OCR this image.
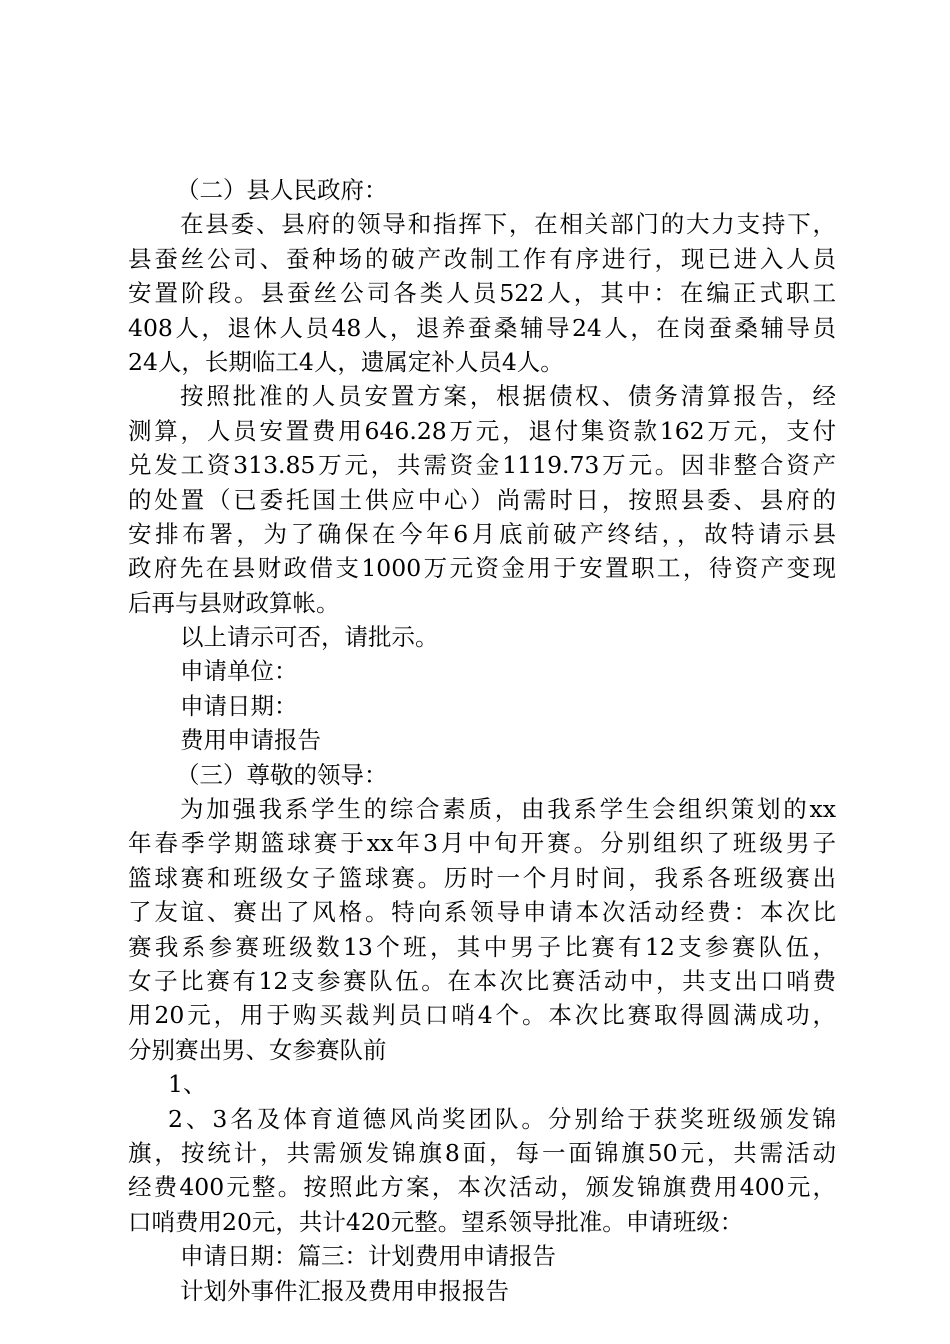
（二）县人民政府：
在县委、县府的领导和指挥下，在相关部门的大力支持下，
县蚕丝公司、蚕种场的破产改制工作有序进行，现已进入人员
安置阶段。县蚕丝公司各类人员522人，其中：在编正式职工
408人，退休人员48人，退养蚕桑辅导24人，在岗蚕桑辅导员
24人，长期临工4人，遗属定补人员4人。
按照批准的人员安置方案，根据债权、债务清算报告，经
测算，人员安置费用646.28万元，退付集资款162万元，支付
兑发工资313.85万元，共需资金1119.73万元。因非整合资产
的处置（已委托国土供应中心）尚需时日，按照县委、县府的
安排布署，为了确保在今年6月底前破产终结，，故特请示县
政府先在县财政借支1000万元资金用于安置职工，待资产变现
后再与县财政算帐。
以上请示可否，请批示。
申请单位：
申请日期：
费用申请报告
（三）尊敬的领导：
为加强我系学生的综合素质，由我系学生会组织策划的xx
年春季学期篮球赛于xx年3月中旬开赛。分别组织了班级男子
篮球赛和班级女子篮球赛。历时一个月时间，我系各班级赛出
了友谊、赛出了风格。特向系领导申请本次活动经费：本次比
赛我系参赛班级数13个班，其中男子比赛有12支参赛队伍，
女子比赛有12支参赛队伍。在本次比赛活动中，共支出口哨费
用20元，用于购买裁判员口哨4个。本次比赛取得圆满成功，
分别赛出男、女参赛队前
1、
2、3名及体育道德风尚奖团队。分别给于获奖班级颁发锦
旗，按统计，共需颁发锦旗8面，每一面锦旗50元，共需活动
经费400元整。按照此方案，本次活动，颁发锦旗费用400元，
口哨费用20元，共计420元整。望系领导批准。申请班级：
申请日期：篇三：计划费用申请报告
计划外事件汇报及费用申报报告
